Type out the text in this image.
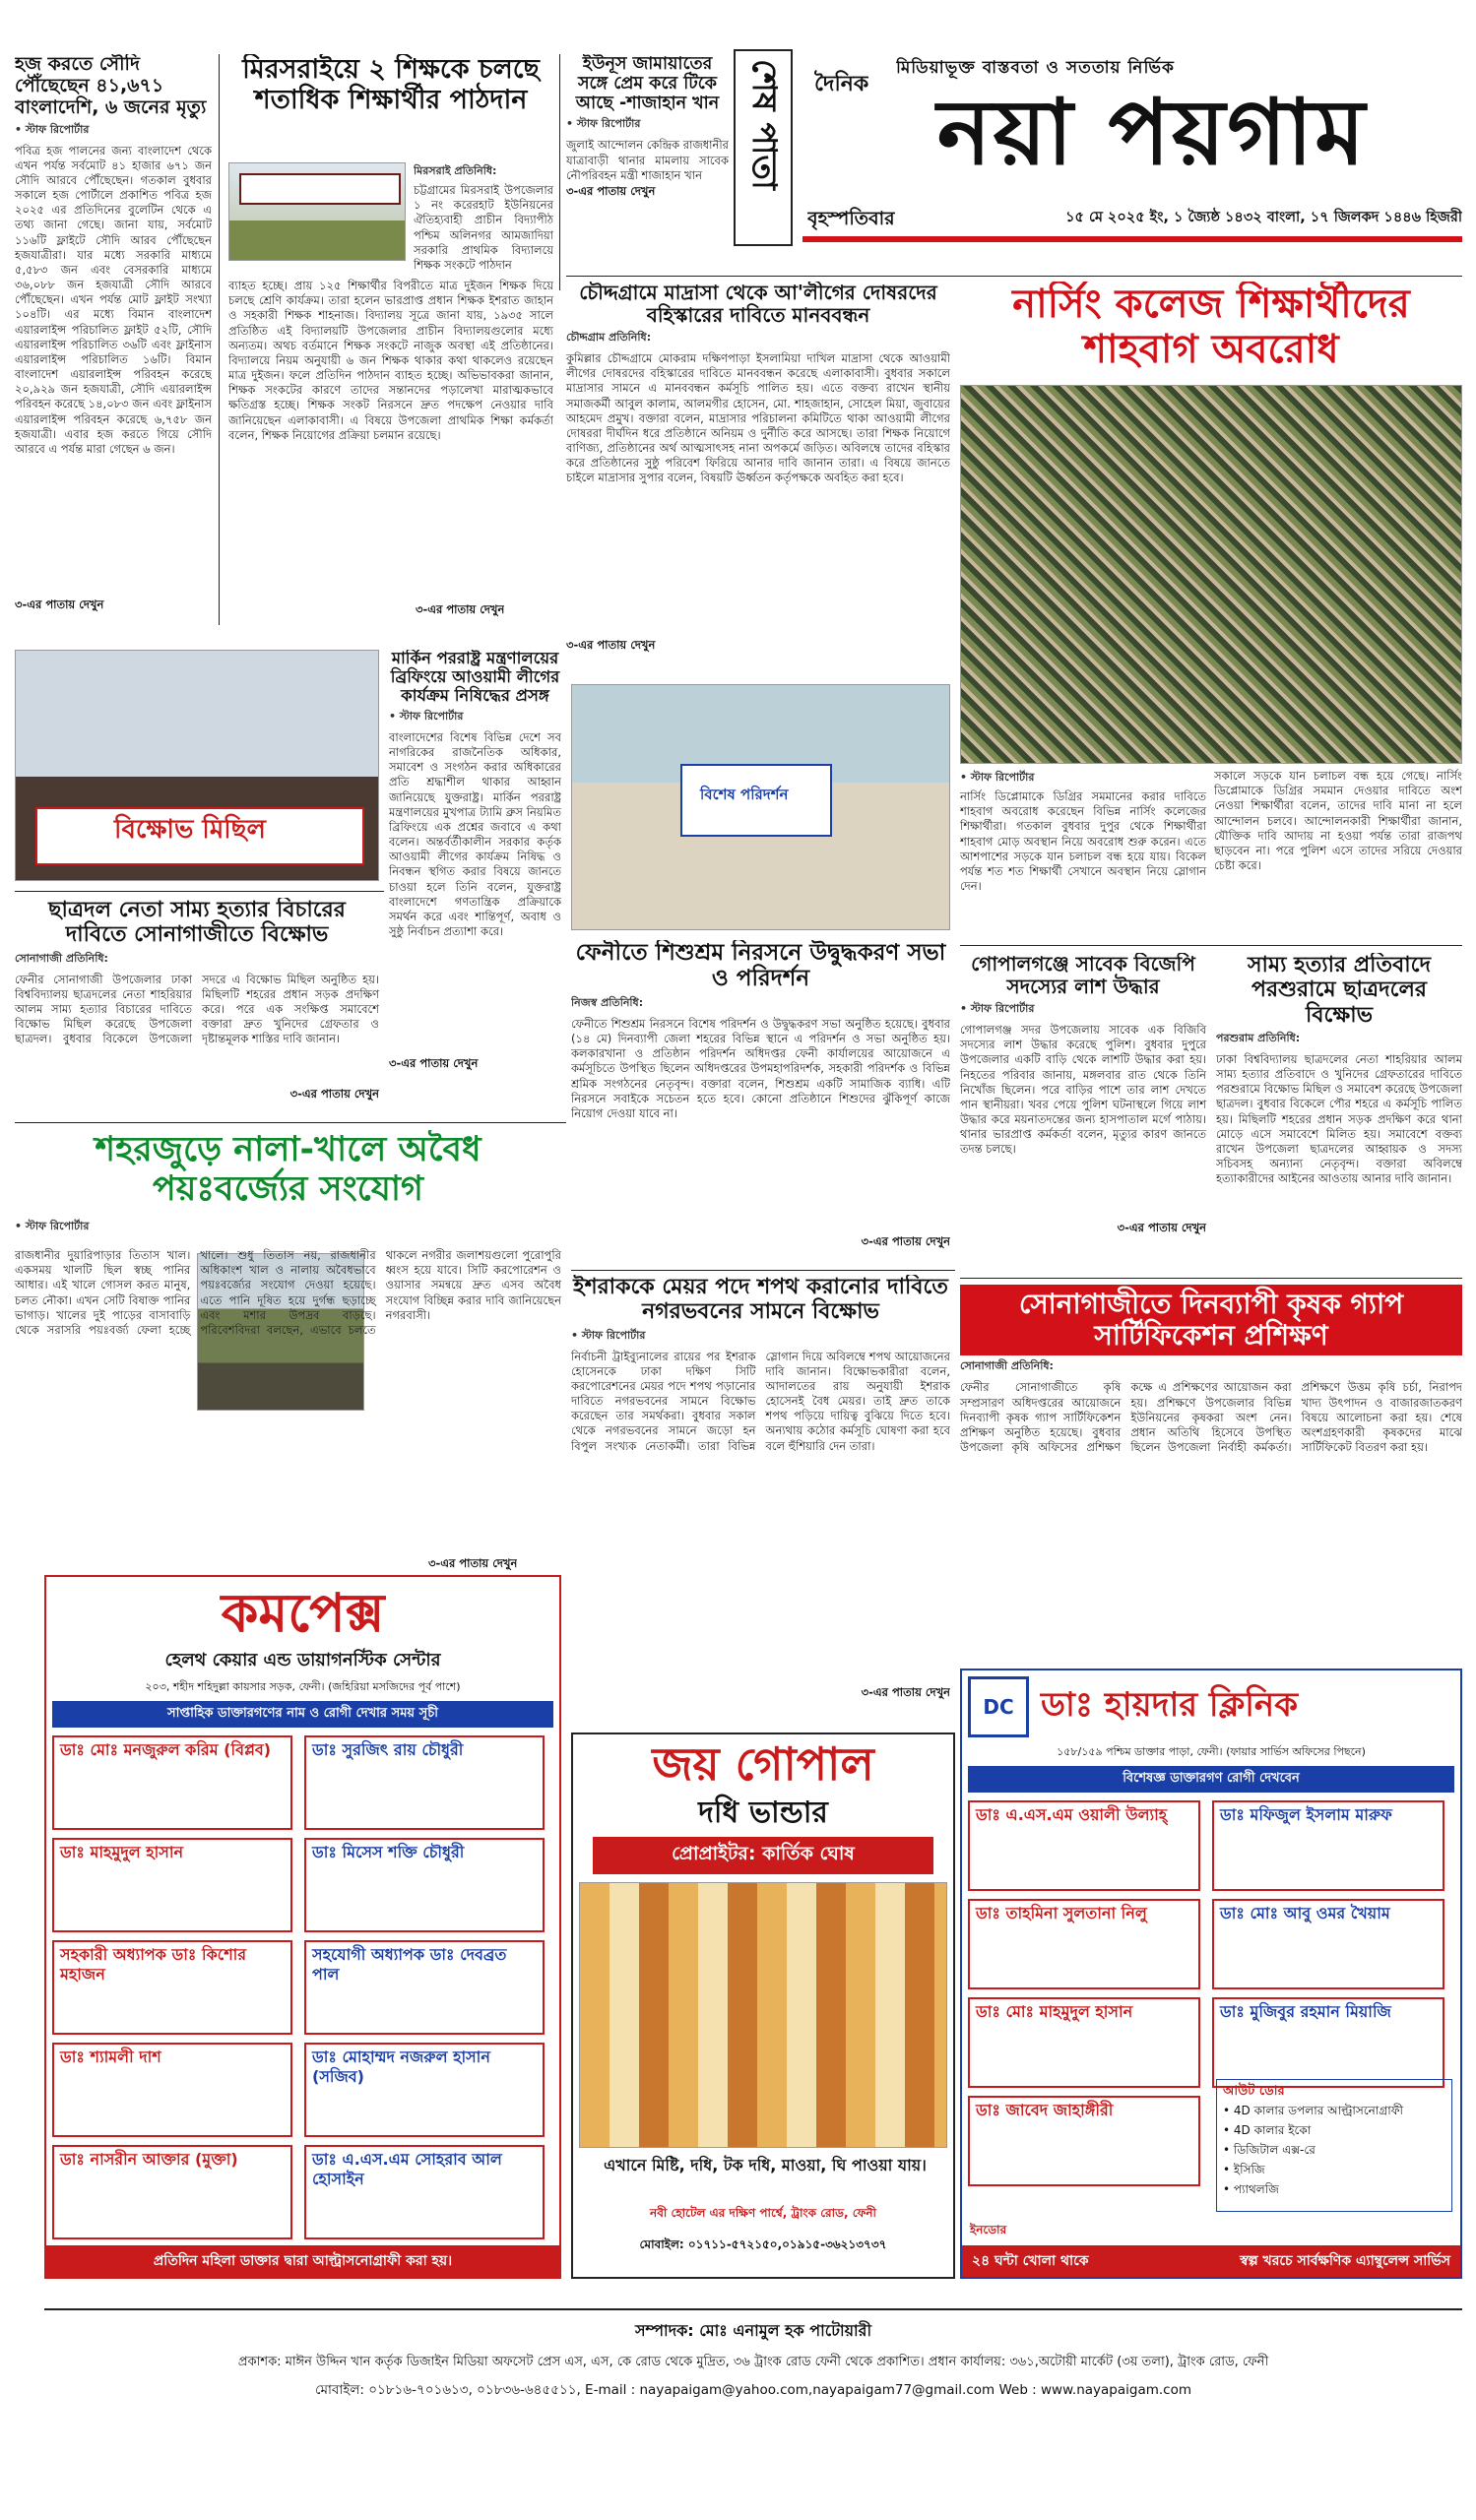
শেষ পাতা	দৈনিক
মিডিয়াভূক্ত বাস্তবতা ও সততায় নির্ভিক
নয়া পয়গাম
বৃহস্পতিবার	১৫ মে ২০২৫ ইং, ১ জ্যৈষ্ঠ ১৪৩২ বাংলা, ১৭ জিলকদ ১৪৪৬ হিজরী
হজ করতে সৌদি পৌঁছেছেন ৪১,৬৭১ বাংলাদেশি, ৬ জনের মৃত্যু
• স্টাফ রিপোর্টার
পবিত্র হজ পালনের জন্য বাংলাদেশ থেকে এখন পর্যন্ত সর্বমোট ৪১ হাজার ৬৭১ জন সৌদি আরবে পৌঁছেছেন। গতকাল বুধবার সকালে হজ পোর্টালে প্রকাশিত পবিত্র হজ ২০২৫ এর প্রতিদিনের বুলেটিন থেকে এ তথ্য জানা গেছে। জানা যায়, সর্বমোট ১১৬টি ফ্লাইটে সৌদি আরব পৌঁছেছেন হজযাত্রীরা। যার মধ্যে সরকারি মাধ্যমে ৫,৫৮৩ জন এবং বেসরকারি মাধ্যমে ৩৬,০৮৮ জন হজযাত্রী সৌদি আরবে পৌঁছেছেন। এখন পর্যন্ত মোট ফ্লাইট সংখ্যা ১০৪টি। এর মধ্যে বিমান বাংলাদেশ এয়ারলাইন্স পরিচালিত ফ্লাইট ৫২টি, সৌদি এয়ারলাইন্স পরিচালিত ৩৬টি এবং ফ্লাইনাস এয়ারলাইন্স পরিচালিত ১৬টি। বিমান বাংলাদেশ এয়ারলাইন্স পরিবহন করেছে ২০,৯২৯ জন হজযাত্রী, সৌদি এয়ারলাইন্স পরিবহন করেছে ১৪,০৮৩ জন এবং ফ্লাইনাস এয়ারলাইন্স পরিবহন করেছে ৬,৭৫৮ জন হজযাত্রী। এবার হজ করতে গিয়ে সৌদি আরবে এ পর্যন্ত মারা গেছেন ৬ জন।
৩-এর পাতায় দেখুন
মিরসরাইয়ে ২ শিক্ষকে চলছে শতাধিক শিক্ষার্থীর পাঠদান
মিরসরাই প্রতিনিধি:
চট্টগ্রামের মিরসরাই উপজেলার ১ নং করেরহাট ইউনিয়নের ঐতিহ্যবাহী প্রাচীন বিদ্যাপীঠ পশ্চিম অলিনগর আমজাদিয়া সরকারি প্রাথমিক বিদ্যালয়ে শিক্ষক সংকটে পাঠদান
ব্যাহত হচ্ছে। প্রায় ১২৫ শিক্ষার্থীর বিপরীতে মাত্র দুইজন শিক্ষক দিয়ে চলছে শ্রেণি কার্যক্রম। তারা হলেন ভারপ্রাপ্ত প্রধান শিক্ষক ইশরাত জাহান ও সহকারী শিক্ষক শাহনাজ। বিদ্যালয় সূত্রে জানা যায়, ১৯৩৫ সালে প্রতিষ্ঠিত এই বিদ্যালয়টি উপজেলার প্রাচীন বিদ্যালয়গুলোর মধ্যে অন্যতম। অথচ বর্তমানে শিক্ষক সংকটে নাজুক অবস্থা এই প্রতিষ্ঠানের। বিদ্যালয়ে নিয়ম অনুযায়ী ৬ জন শিক্ষক থাকার কথা থাকলেও রয়েছেন মাত্র দুইজন। ফলে প্রতিদিন পাঠদান ব্যাহত হচ্ছে। অভিভাবকরা জানান, শিক্ষক সংকটের কারণে তাদের সন্তানদের পড়ালেখা মারাত্মকভাবে ক্ষতিগ্রস্ত হচ্ছে। শিক্ষক সংকট নিরসনে দ্রুত পদক্ষেপ নেওয়ার দাবি জানিয়েছেন এলাকাবাসী। এ বিষয়ে উপজেলা প্রাথমিক শিক্ষা কর্মকর্তা বলেন, শিক্ষক নিয়োগের প্রক্রিয়া চলমান রয়েছে।
৩-এর পাতায় দেখুন
ইউনূস জামায়াতের সঙ্গে প্রেম করে টিকে আছে -শাজাহান খান
• স্টাফ রিপোর্টার
জুলাই আন্দোলন কেন্দ্রিক রাজধানীর যাত্রাবাড়ী থানার মামলায় সাবেক নৌপরিবহন মন্ত্রী শাজাহান খান
৩-এর পাতায় দেখুন
চৌদ্দগ্রামে মাদ্রাসা থেকে আ'লীগের দোষরদের বহিস্কারের দাবিতে মানববন্ধন
চৌদ্দগ্রাম প্রতিনিধি:
কুমিল্লার চৌদ্দগ্রামে মোকরাম দক্ষিণপাড়া ইসলামিয়া দাখিল মাদ্রাসা থেকে আওয়ামী লীগের দোষরদের বহিস্কারের দাবিতে মানববন্ধন করেছে এলাকাবাসী। বুধবার সকালে মাদ্রাসার সামনে এ মানববন্ধন কর্মসূচি পালিত হয়। এতে বক্তব্য রাখেন স্থানীয় সমাজকর্মী আবুল কালাম, আলমগীর হোসেন, মো. শাহজাহান, সোহেল মিয়া, জুবায়ের আহমেদ প্রমুখ। বক্তারা বলেন, মাদ্রাসার পরিচালনা কমিটিতে থাকা আওয়ামী লীগের দোষররা দীর্ঘদিন ধরে প্রতিষ্ঠানে অনিয়ম ও দুর্নীতি করে আসছে। তারা শিক্ষক নিয়োগে বাণিজ্য, প্রতিষ্ঠানের অর্থ আত্মসাৎসহ নানা অপকর্মে জড়িত। অবিলম্বে তাদের বহিস্কার করে প্রতিষ্ঠানের সুষ্ঠু পরিবেশ ফিরিয়ে আনার দাবি জানান তারা। এ বিষয়ে জানতে চাইলে মাদ্রাসার সুপার বলেন, বিষয়টি ঊর্ধ্বতন কর্তৃপক্ষকে অবহিত করা হবে।
৩-এর পাতায় দেখুন
নার্সিং কলেজ শিক্ষার্থীদের শাহবাগ অবরোধ
• স্টাফ রিপোর্টার
নার্সিং ডিপ্লোমাকে ডিগ্রির সমমানের করার দাবিতে শাহবাগ অবরোধ করেছেন বিভিন্ন নার্সিং কলেজের শিক্ষার্থীরা। গতকাল বুধবার দুপুর থেকে শিক্ষার্থীরা শাহবাগ মোড় অবস্থান নিয়ে অবরোধ শুরু করেন। এতে আশপাশের সড়কে যান চলাচল বন্ধ হয়ে যায়। বিকেল পর্যন্ত শত শত শিক্ষার্থী সেখানে অবস্থান নিয়ে স্লোগান দেন।
সকালে সড়কে যান চলাচল বন্ধ হয়ে গেছে। নার্সিং ডিপ্লোমাকে ডিগ্রির সমমান দেওয়ার দাবিতে অংশ নেওয়া শিক্ষার্থীরা বলেন, তাদের দাবি মানা না হলে আন্দোলন চলবে। আন্দোলনকারী শিক্ষার্থীরা জানান, যৌক্তিক দাবি আদায় না হওয়া পর্যন্ত তারা রাজপথ ছাড়বেন না। পরে পুলিশ এসে তাদের সরিয়ে দেওয়ার চেষ্টা করে।
বিক্ষোভ মিছিল
মার্কিন পররাষ্ট্র মন্ত্রণালয়ের ব্রিফিংয়ে আওয়ামী লীগের কার্যক্রম নিষিদ্ধের প্রসঙ্গ
• স্টাফ রিপোর্টার
বাংলাদেশের বিশেষ বিভিন্ন দেশে সব নাগরিকের রাজনৈতিক অধিকার, সমাবেশ ও সংগঠন করার অধিকারের প্রতি শ্রদ্ধাশীল থাকার আহ্বান জানিয়েছে যুক্তরাষ্ট্র। মার্কিন পররাষ্ট্র মন্ত্রণালয়ের মুখপাত্র ট্যামি ব্রুস নিয়মিত ব্রিফিংয়ে এক প্রশ্নের জবাবে এ কথা বলেন। অন্তর্বর্তীকালীন সরকার কর্তৃক আওয়ামী লীগের কার্যক্রম নিষিদ্ধ ও নিবন্ধন স্থগিত করার বিষয়ে জানতে চাওয়া হলে তিনি বলেন, যুক্তরাষ্ট্র বাংলাদেশে গণতান্ত্রিক প্রক্রিয়াকে সমর্থন করে এবং শান্তিপূর্ণ, অবাধ ও সুষ্ঠু নির্বাচন প্রত্যাশা করে।
৩-এর পাতায় দেখুন
বিশেষ পরিদর্শন
ছাত্রদল নেতা সাম্য হত্যার বিচারের দাবিতে সোনাগাজীতে বিক্ষোভ
সোনাগাজী প্রতিনিধি:
ফেনীর সোনাগাজী উপজেলার ঢাকা বিশ্ববিদ্যালয় ছাত্রদলের নেতা শাহরিয়ার আলম সাম্য হত্যার বিচারের দাবিতে বিক্ষোভ মিছিল করেছে উপজেলা ছাত্রদল। বুধবার বিকেলে উপজেলা সদরে এ বিক্ষোভ মিছিল অনুষ্ঠিত হয়। মিছিলটি শহরের প্রধান সড়ক প্রদক্ষিণ করে। পরে এক সংক্ষিপ্ত সমাবেশে বক্তারা দ্রুত খুনিদের গ্রেফতার ও দৃষ্টান্তমূলক শাস্তির দাবি জানান।
৩-এর পাতায় দেখুন
ফেনীতে শিশুশ্রম নিরসনে উদ্বুদ্ধকরণ সভা ও পরিদর্শন
নিজস্ব প্রতিনিধি:
ফেনীতে শিশুশ্রম নিরসনে বিশেষ পরিদর্শন ও উদ্বুদ্ধকরণ সভা অনুষ্ঠিত হয়েছে। বুধবার (১৪ মে) দিনব্যাপী জেলা শহরের বিভিন্ন স্থানে এ পরিদর্শন ও সভা অনুষ্ঠিত হয়। কলকারখানা ও প্রতিষ্ঠান পরিদর্শন অধিদপ্তর ফেনী কার্যালয়ের আয়োজনে এ কর্মসূচিতে উপস্থিত ছিলেন অধিদপ্তরের উপমহাপরিদর্শক, সহকারী পরিদর্শক ও বিভিন্ন শ্রমিক সংগঠনের নেতৃবৃন্দ। বক্তারা বলেন, শিশুশ্রম একটি সামাজিক ব্যাধি। এটি নিরসনে সবাইকে সচেতন হতে হবে। কোনো প্রতিষ্ঠানে শিশুদের ঝুঁকিপূর্ণ কাজে নিয়োগ দেওয়া যাবে না।
৩-এর পাতায় দেখুন
গোপালগঞ্জে সাবেক বিজেপি সদস্যের লাশ উদ্ধার
• স্টাফ রিপোর্টার
গোপালগঞ্জ সদর উপজেলায় সাবেক এক বিজিবি সদস্যের লাশ উদ্ধার করেছে পুলিশ। বুধবার দুপুরে উপজেলার একটি বাড়ি থেকে লাশটি উদ্ধার করা হয়। নিহতের পরিবার জানায়, মঙ্গলবার রাত থেকে তিনি নিখোঁজ ছিলেন। পরে বাড়ির পাশে তার লাশ দেখতে পান স্থানীয়রা। খবর পেয়ে পুলিশ ঘটনাস্থলে গিয়ে লাশ উদ্ধার করে ময়নাতদন্তের জন্য হাসপাতাল মর্গে পাঠায়। থানার ভারপ্রাপ্ত কর্মকর্তা বলেন, মৃত্যুর কারণ জানতে তদন্ত চলছে।
৩-এর পাতায় দেখুন
সাম্য হত্যার প্রতিবাদে পরশুরামে ছাত্রদলের বিক্ষোভ
পরশুরাম প্রতিনিধি:
ঢাকা বিশ্ববিদ্যালয় ছাত্রদলের নেতা শাহরিয়ার আলম সাম্য হত্যার প্রতিবাদে ও খুনিদের গ্রেফতারের দাবিতে পরশুরামে বিক্ষোভ মিছিল ও সমাবেশ করেছে উপজেলা ছাত্রদল। বুধবার বিকেলে পৌর শহরে এ কর্মসূচি পালিত হয়। মিছিলটি শহরের প্রধান সড়ক প্রদক্ষিণ করে থানা মোড়ে এসে সমাবেশে মিলিত হয়। সমাবেশে বক্তব্য রাখেন উপজেলা ছাত্রদলের আহ্বায়ক ও সদস্য সচিবসহ অন্যান্য নেতৃবৃন্দ। বক্তারা অবিলম্বে হত্যাকারীদের আইনের আওতায় আনার দাবি জানান।
শহরজুড়ে নালা-খালে অবৈধ পয়ঃবর্জ্যের সংযোগ
• স্টাফ রিপোর্টার
রাজধানীর দুয়ারিপাড়ার তিতাস খাল। একসময় খালটি ছিল স্বচ্ছ পানির আধার। এই খালে গোসল করত মানুষ, চলত নৌকা। এখন সেটি বিষাক্ত পানির ভাগাড়। খালের দুই পাড়ের বাসাবাড়ি থেকে সরাসরি পয়ঃবর্জ্য ফেলা হচ্ছে খালে। শুধু তিতাস নয়, রাজধানীর অধিকাংশ খাল ও নালায় অবৈধভাবে পয়ঃবর্জ্যের সংযোগ দেওয়া হয়েছে। এতে পানি দূষিত হয়ে দুর্গন্ধ ছড়াচ্ছে এবং মশার উপদ্রব বাড়ছে। পরিবেশবিদরা বলছেন, এভাবে চলতে থাকলে নগরীর জলাশয়গুলো পুরোপুরি ধ্বংস হয়ে যাবে। সিটি করপোরেশন ও ওয়াসার সমন্বয়ে দ্রুত এসব অবৈধ সংযোগ বিচ্ছিন্ন করার দাবি জানিয়েছেন নগরবাসী।
৩-এর পাতায় দেখুন
ইশরাককে মেয়র পদে শপথ করানোর দাবিতে নগরভবনের সামনে বিক্ষোভ
• স্টাফ রিপোর্টার
নির্বাচনী ট্রাইব্যুনালের রায়ের পর ইশরাক হোসেনকে ঢাকা দক্ষিণ সিটি করপোরেশনের মেয়র পদে শপথ পড়ানোর দাবিতে নগরভবনের সামনে বিক্ষোভ করেছেন তার সমর্থকরা। বুধবার সকাল থেকে নগরভবনের সামনে জড়ো হন বিপুল সংখ্যক নেতাকর্মী। তারা বিভিন্ন স্লোগান দিয়ে অবিলম্বে শপথ আয়োজনের দাবি জানান। বিক্ষোভকারীরা বলেন, আদালতের রায় অনুযায়ী ইশরাক হোসেনই বৈধ মেয়র। তাই দ্রুত তাকে শপথ পড়িয়ে দায়িত্ব বুঝিয়ে দিতে হবে। অন্যথায় কঠোর কর্মসূচি ঘোষণা করা হবে বলে হুঁশিয়ারি দেন তারা।
৩-এর পাতায় দেখুন
সোনাগাজীতে দিনব্যাপী কৃষক গ্যাপ সার্টিফিকেশন প্রশিক্ষণ
সোনাগাজী প্রতিনিধি:
ফেনীর সোনাগাজীতে কৃষি সম্প্রসারণ অধিদপ্তরের আয়োজনে দিনব্যাপী কৃষক গ্যাপ সার্টিফিকেশন প্রশিক্ষণ অনুষ্ঠিত হয়েছে। বুধবার উপজেলা কৃষি অফিসের প্রশিক্ষণ কক্ষে এ প্রশিক্ষণের আয়োজন করা হয়। প্রশিক্ষণে উপজেলার বিভিন্ন ইউনিয়নের কৃষকরা অংশ নেন। প্রধান অতিথি হিসেবে উপস্থিত ছিলেন উপজেলা নির্বাহী কর্মকর্তা। প্রশিক্ষণে উত্তম কৃষি চর্চা, নিরাপদ খাদ্য উৎপাদন ও বাজারজাতকরণ বিষয়ে আলোচনা করা হয়। শেষে অংশগ্রহণকারী কৃষকদের মাঝে সার্টিফিকেট বিতরণ করা হয়।
কমপেক্স
হেলথ কেয়ার এন্ড ডায়াগনস্টিক সেন্টার
২০৩, শহীদ শহিদুল্লা কায়সার সড়ক, ফেনী। (জহিরিয়া মসজিদের পূর্ব পাশে)
সাপ্তাহিক ডাক্তারগণের নাম ও রোগী দেখার সময় সূচী
ডাঃ মোঃ মনজুরুল করিম (বিপ্লব)	ডাঃ সুরজিৎ রায় চৌধুরী
ডাঃ মাহমুদুল হাসান	ডাঃ মিসেস শক্তি চৌধুরী
সহকারী অধ্যাপক ডাঃ কিশোর মহাজন
সহযোগী অধ্যাপক ডাঃ দেবব্রত পাল
ডাঃ শ্যামলী দাশ	ডাঃ মোহাম্মদ নজরুল হাসান (সজিব)
ডাঃ নাসরীন আক্তার (মুক্তা)	ডাঃ এ.এস.এম সোহরাব আল হোসাইন
প্রতিদিন মহিলা ডাক্তার দ্বারা আল্ট্রাসনোগ্রাফী করা হয়।
জয় গোপাল
দধি ভান্ডার
প্রোপ্রাইটর: কার্তিক ঘোষ
এখানে মিষ্টি, দধি, টক দধি, মাওয়া, ঘি পাওয়া যায়।
নবী হোটেল এর দক্ষিণ পার্শ্বে, ট্রাংক রোড, ফেনী
মোবাইল: ০১৭১১-৫৭২১৫০,০১৯১৫-৩৬২১৩৭৩৭
DC ডাঃ হায়দার ক্লিনিক
১৫৮/১৫৯ পশ্চিম ডাক্তার পাড়া, ফেনী। (ফায়ার সার্ভিস অফিসের পিছনে)
বিশেষজ্ঞ ডাক্তারগণ রোগী দেখবেন
ডাঃ এ.এস.এম ওয়ালী উল্যাহ্	ডাঃ মফিজুল ইসলাম মারুফ
ডাঃ তাহমিনা সুলতানা নিলু	ডাঃ মোঃ আবু ওমর খৈয়াম
ডাঃ মোঃ মাহমুদুল হাসান	ডাঃ মুজিবুর রহমান মিয়াজি
ডাঃ জাবেদ জাহাঙ্গীরী
আউট ডোর
• 4D কালার ডপলার আল্ট্রাসনোগ্রাফী
• 4D কালার ইকো
• ডিজিটাল এক্স-রে
• ইসিজি
• প্যাথলজি
ইনডোর
২৪ ঘন্টা খোলা থাকে	স্বল্প খরচে সার্বক্ষণিক এ্যাম্বুলেন্স সার্ভিস
সম্পাদক: মোঃ এনামুল হক পাটোয়ারী
প্রকাশক: মাঈন উদ্দিন খান কর্তৃক ডিজাইন মিডিয়া অফসেট প্রেস এস, এস, কে রোড থেকে মুদ্রিত, ৩৬ ট্রাংক রোড ফেনী থেকে প্রকাশিত। প্রধান কার্যালয়: ৩৬১,অটোয়ী মার্কেট (৩য় তলা), ট্রাংক রোড, ফেনী
মোবাইল: ০১৮১৬-৭০১৬১৩, ০১৮৩৬-৬৪৫৫১১, E-mail : nayapaigam@yahoo.com,nayapaigam77@gmail.com Web : www.nayapaigam.com
